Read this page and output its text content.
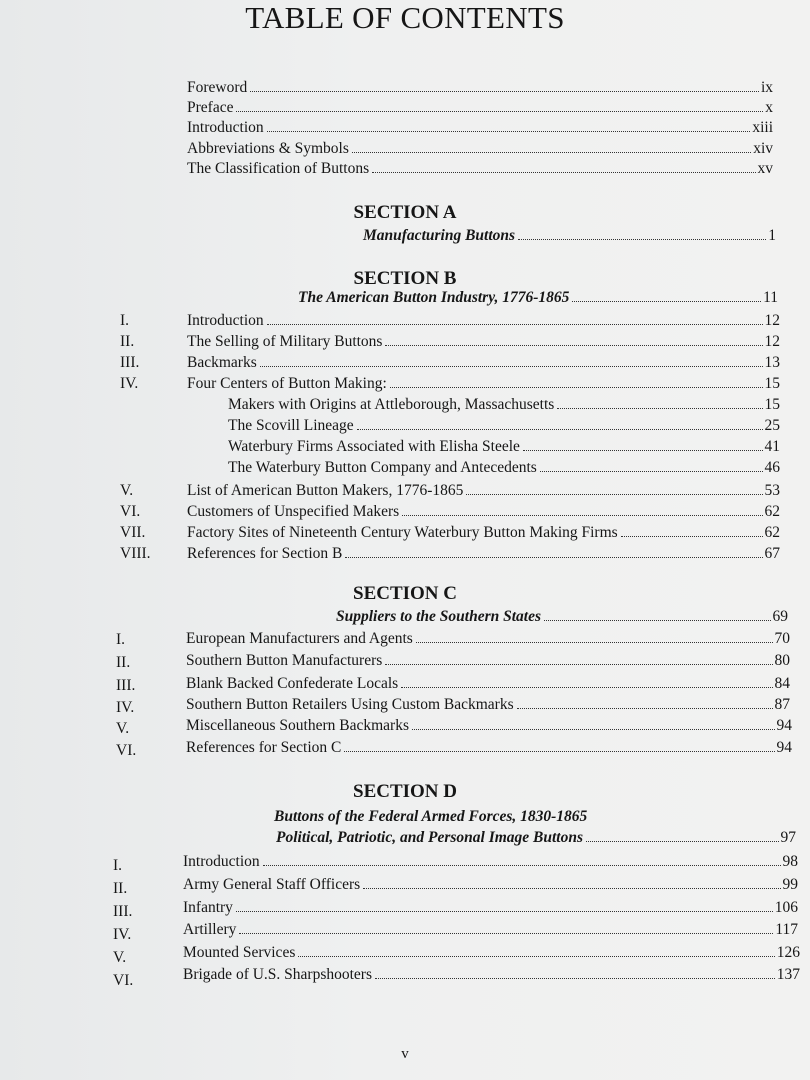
TABLE OF CONTENTS
Foreword	ix
Preface	x
Introduction	xiii
Abbreviations & Symbols	xiv
The Classification of Buttons	xv
SECTION A
Manufacturing Buttons	1
SECTION B
The American Button Industry, 1776-1865	11
I.	Introduction	12
II.	The Selling of Military Buttons	12
III.	Backmarks	13
IV.	Four Centers of Button Making:	15
Makers with Origins at Attleborough, Massachusetts	15
The Scovill Lineage	25
Waterbury Firms Associated with Elisha Steele	41
The Waterbury Button Company and Antecedents	46
V.	List of American Button Makers, 1776-1865	53
VI.	Customers of Unspecified Makers	62
VII.	Factory Sites of Nineteenth Century Waterbury Button Making Firms	62
VIII. References for Section B	67
SECTION C
Suppliers to the Southern States	69
I.	European Manufacturers and Agents	70
II.	Southern Button Manufacturers	80
III.	Blank Backed Confederate Locals	84
IV.	Southern Button Retailers Using Custom Backmarks	87
V.	Miscellaneous Southern Backmarks	94
VI.	References for Section C	94
SECTION D
Buttons of the Federal Armed Forces, 1830-1865
Political, Patriotic, and Personal Image Buttons	97
I.	Introduction	98
II.	Army General Staff Officers	99
III.	Infantry	106
IV.	Artillery	117
V.	Mounted Services	126
VI.	Brigade of U.S. Sharpshooters	137
v
